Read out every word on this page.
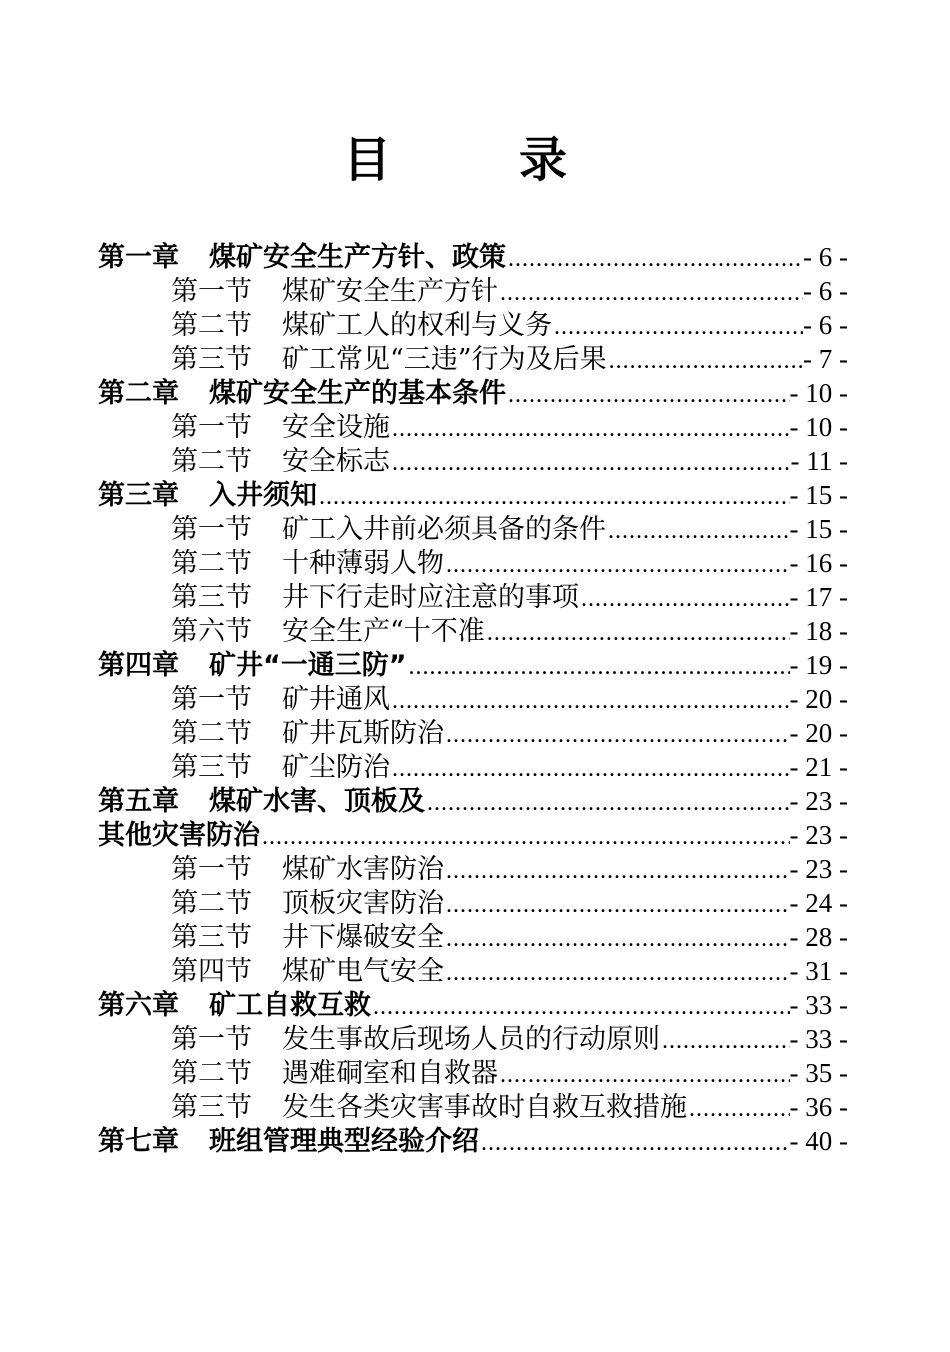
目　录
第一章 煤矿安全生产方针、政策 .....	- 6 -
第一节 煤矿安全生产方针 .....	- 6 -
第二节 煤矿工人的权利与义务 .....	- 6 -
第三节 矿工常见“三违”行为及后果 .....	- 7 -
第二章 煤矿安全生产的基本条件 .....	- 10 -
第一节 安全设施 .....	- 10 -
第二节 安全标志 .....	- 11 -
第三章 入井须知 .....	- 15 -
第一节 矿工入井前必须具备的条件 .....	- 15 -
第二节 十种薄弱人物 .....	- 16 -
第三节 井下行走时应注意的事项 .....	- 17 -
第六节 安全生产“十不准 .....	- 18 -
第四章 矿井“一通三防” .....	- 19 -
第一节 矿井通风 .....	- 20 -
第二节 矿井瓦斯防治 .....	- 20 -
第三节 矿尘防治 .....	- 21 -
第五章 煤矿水害、顶板及 .....	- 23 -
其他灾害防治 .....	- 23 -
第一节 煤矿水害防治 .....	- 23 -
第二节 顶板灾害防治 .....	- 24 -
第三节 井下爆破安全 .....	- 28 -
第四节 煤矿电气安全 .....	- 31 -
第六章 矿工自救互救 .....	- 33 -
第一节 发生事故后现场人员的行动原则 .....	- 33 -
第二节 遇难硐室和自救器 .....	- 35 -
第三节 发生各类灾害事故时自救互救措施 .....	- 36 -
第七章 班组管理典型经验介绍 .....	- 40 -
